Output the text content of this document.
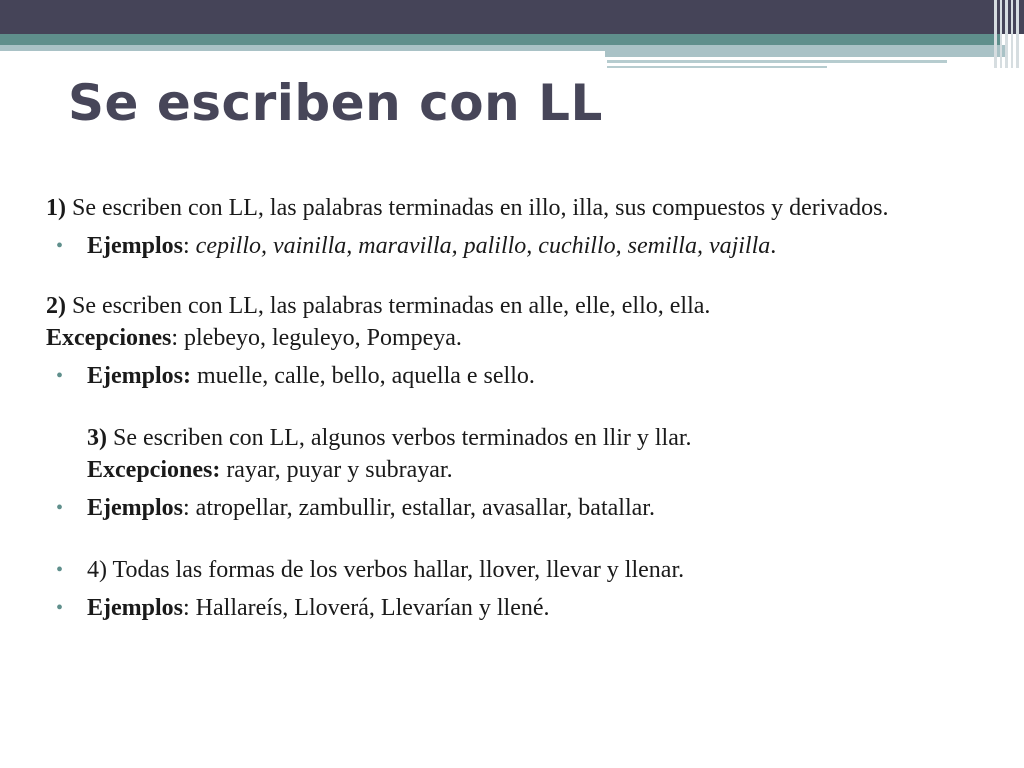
Se escriben con LL

1) Se escriben con LL, las palabras terminadas en illo, illa, sus compuestos y derivados.

• Ejemplos: cepillo, vainilla, maravilla, palillo, cuchillo, semilla, vajilla.

2) Se escriben con LL, las palabras terminadas en alle, elle, ello, ella.

Excepciones: plebeyo, leguleyo, Pompeya.

• Ejemplos: muelle, calle, bello, aquella e sello.

3) Se escriben con LL, algunos verbos terminados en llir y llar.

Excepciones: rayar, puyar y subrayar.

• Ejemplos: atropellar, zambullir, estallar, avasallar, batallar.

• 4) Todas las formas de los verbos hallar, llover, llevar y llenar.

• Ejemplos: Hallareís, Lloverá, Llevarían y llené.
